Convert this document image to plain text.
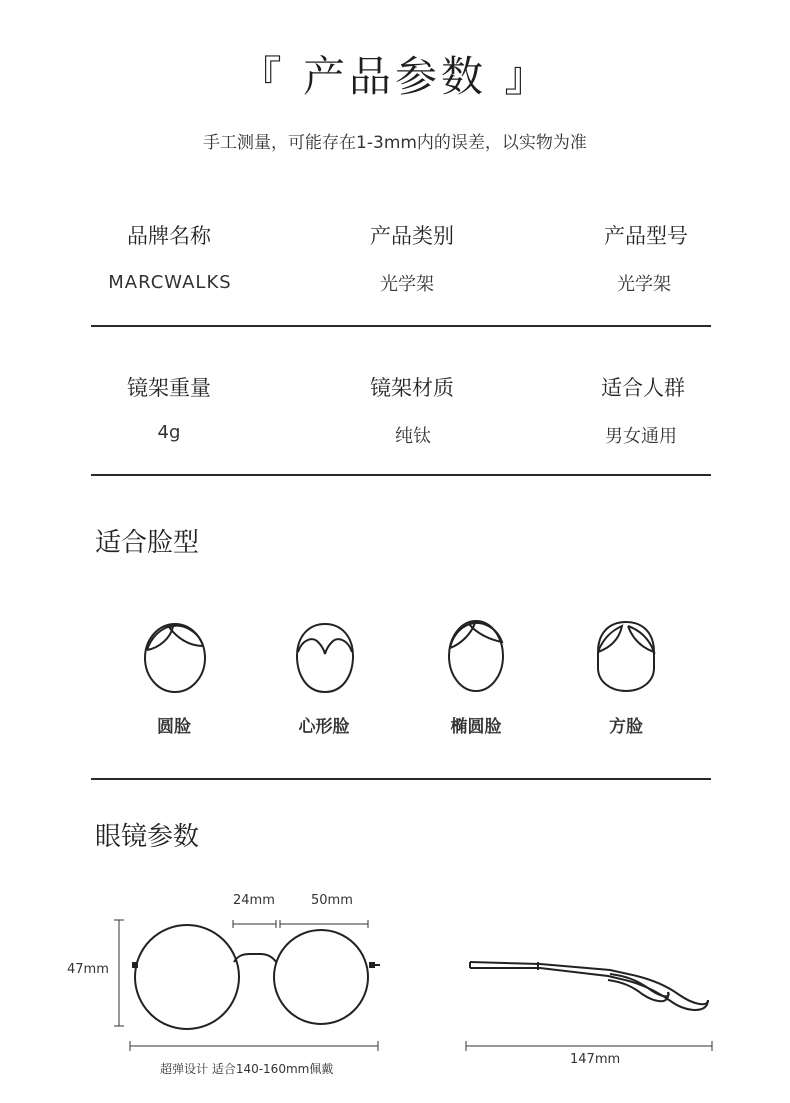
『 产品参数 』
手工测量，可能存在1-3mm内的误差，以实物为准
品牌名称	产品类别	产品型号
MARCWALKS	光学架	光学架
镜架重量	镜架材质	适合人群
4g	纯钛	男女通用
适合脸型
圆脸	心形脸	椭圆脸	方脸
眼镜参数
24mm	50mm
47mm
超弹设计 适合140-160mm佩戴
147mm
